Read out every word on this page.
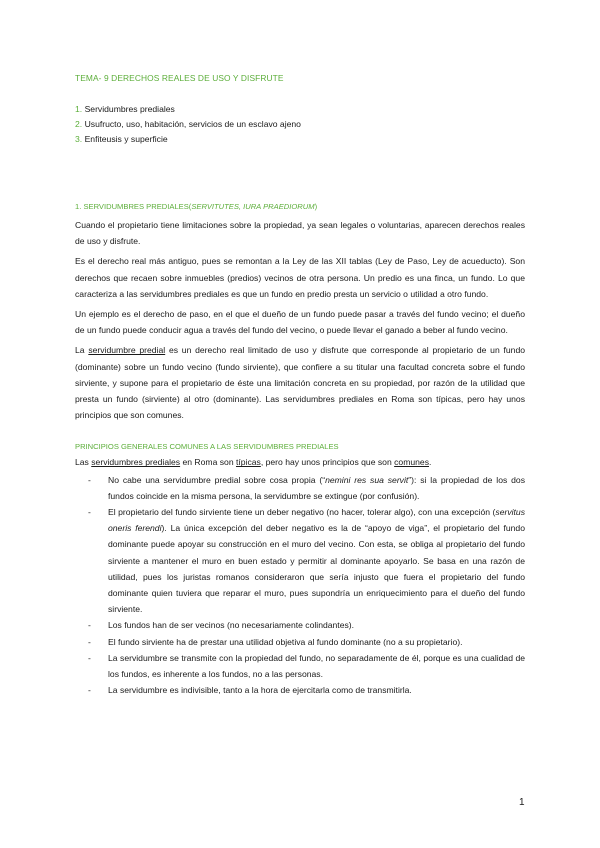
TEMA- 9 DERECHOS REALES DE USO Y DISFRUTE
1. Servidumbres prediales
2. Usufructo, uso, habitación, servicios de un esclavo ajeno
3. Enfiteusis y superficie
1. SERVIDUMBRES PREDIALES(SERVITUTES, IURA PRAEDIORUM)

Cuando el propietario tiene limitaciones sobre la propiedad, ya sean legales o voluntarias, aparecen derechos reales de uso y disfrute.

Es el derecho real más antiguo, pues se remontan a la Ley de las XII tablas (Ley de Paso, Ley de acueducto). Son derechos que recaen sobre inmuebles (predios) vecinos de otra persona. Un predio es una finca, un fundo. Lo que caracteriza a las servidumbres prediales es que un fundo en predio presta un servicio o utilidad a otro fundo.

Un ejemplo es el derecho de paso, en el que el dueño de un fundo puede pasar a través del fundo vecino; el dueño de un fundo puede conducir agua a través del fundo del vecino, o puede llevar el ganado a beber al fundo vecino.

La servidumbre predial es un derecho real limitado de uso y disfrute que corresponde al propietario de un fundo (dominante) sobre un fundo vecino (fundo sirviente), que confiere a su titular una facultad concreta sobre el fundo sirviente, y supone para el propietario de éste una limitación concreta en su propiedad, por razón de la utilidad que presta un fundo (sirviente) al otro (dominante). Las servidumbres prediales en Roma son típicas, pero hay unos principios que son comunes.

PRINCIPIOS GENERALES COMUNES A LAS SERVIDUMBRES PREDIALES

Las servidumbres prediales en Roma son típicas, pero hay unos principios que son comunes.

- No cabe una servidumbre predial sobre cosa propia (“nemini res sua servit”): si la propiedad de los dos fundos coincide en la misma persona, la servidumbre se extingue (por confusión).
- El propietario del fundo sirviente tiene un deber negativo (no hacer, tolerar algo), con una excepción (servitus oneris ferendi). La única excepción del deber negativo es la de “apoyo de viga”, el propietario del fundo dominante puede apoyar su construcción en el muro del vecino. Con esta, se obliga al propietario del fundo sirviente a mantener el muro en buen estado y permitir al dominante apoyarlo. Se basa en una razón de utilidad, pues los juristas romanos consideraron que sería injusto que fuera el propietario del fundo dominante quien tuviera que reparar el muro, pues supondría un enriquecimiento para el dueño del fundo sirviente.
- Los fundos han de ser vecinos (no necesariamente colindantes).
- El fundo sirviente ha de prestar una utilidad objetiva al fundo dominante (no a su propietario).
- La servidumbre se transmite con la propiedad del fundo, no separadamente de él, porque es una cualidad de los fundos, es inherente a los fundos, no a las personas.
- La servidumbre es indivisible, tanto a la hora de ejercitarla como de transmitirla.
1
